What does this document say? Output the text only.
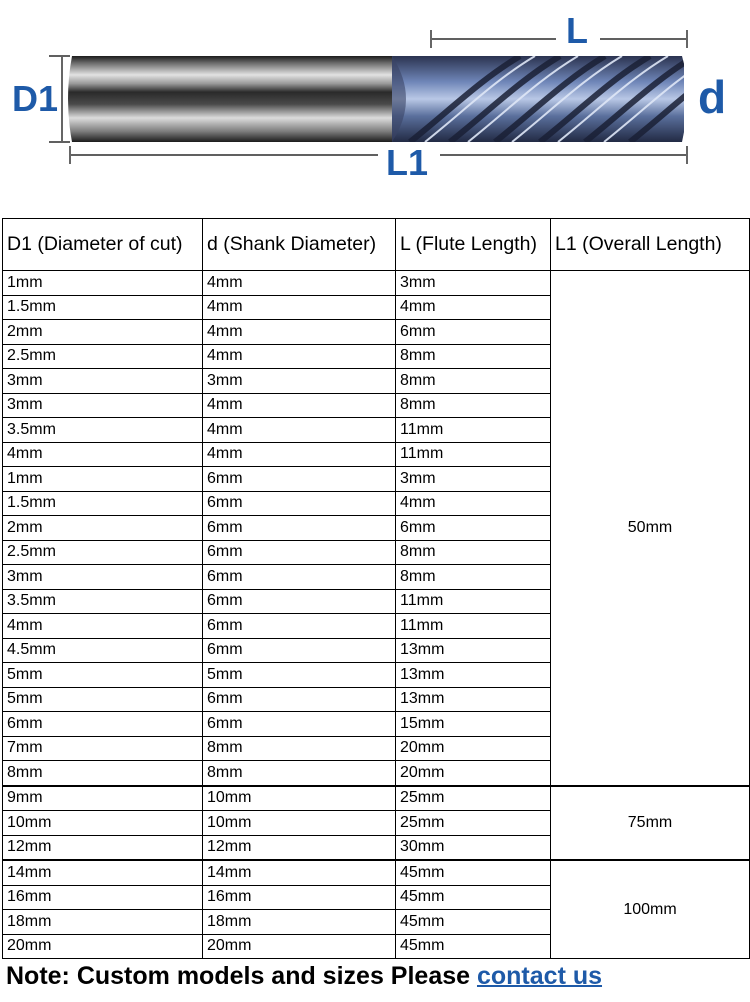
D1	d
L
L1
D1 (Diameter of cut)	d (Shank Diameter)	L (Flute Length)	L1 (Overall Length)
1mm	4mm	3mm	50mm
1.5mm	4mm	4mm	
2mm	4mm	6mm	
2.5mm	4mm	8mm	
3mm	3mm	8mm	
3mm	4mm	8mm	
3.5mm	4mm	11mm	
4mm	4mm	11mm	
1mm	6mm	3mm	
1.5mm	6mm	4mm	
2mm	6mm	6mm	
2.5mm	6mm	8mm	
3mm	6mm	8mm	
3.5mm	6mm	11mm	
4mm	6mm	11mm	
4.5mm	6mm	13mm	
5mm	5mm	13mm	
5mm	6mm	13mm	
6mm	6mm	15mm	
7mm	8mm	20mm	
8mm	8mm	20mm	
9mm	10mm	25mm	75mm
10mm	10mm	25mm	
12mm	12mm	30mm	
14mm	14mm	45mm	100mm
16mm	16mm	45mm	
18mm	18mm	45mm	
20mm	20mm	45mm	
Note: Custom models and sizes Please contact us
